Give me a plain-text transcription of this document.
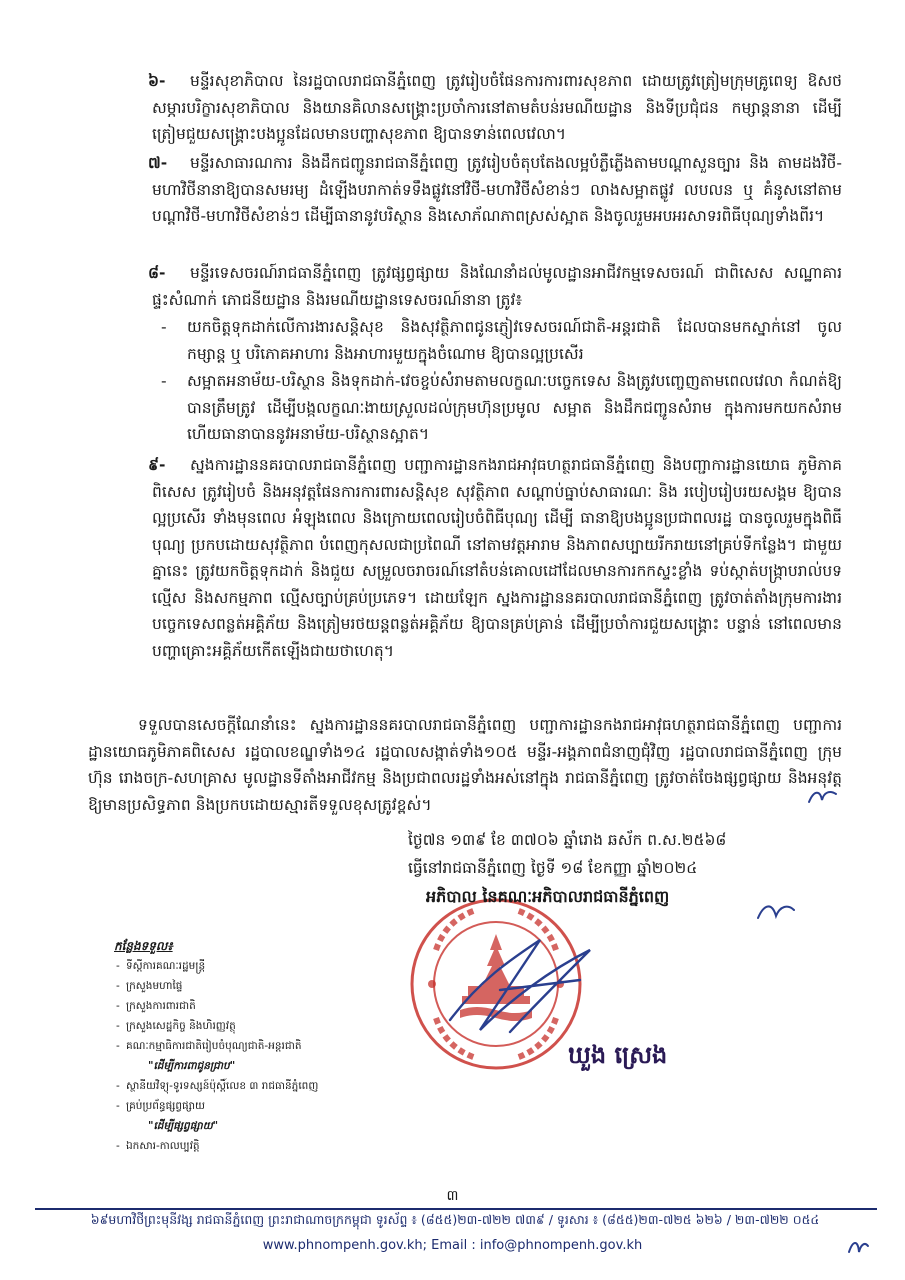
៦-	មន្ទីរសុខាភិបាល នៃរដ្ឋបាលរាជធានីភ្នំពេញ ត្រូវរៀបចំផែនការការពារសុខភាព ដោយត្រូវត្រៀមក្រុមគ្រូពេទ្យ ឱសថ សម្ភារបរិក្ខារសុខាភិបាល និងយានគិលានសង្គ្រោះប្រចាំការនៅតាមតំបន់រមណីយដ្ឋាន និងទីប្រជុំជន កម្សាន្តនានា ដើម្បីត្រៀមជួយសង្គ្រោះបងប្អូនដែលមានបញ្ហាសុខភាព ឱ្យបានទាន់ពេលវេលា។
៧-	មន្ទីរសាធារណការ និងដឹកជញ្ជូនរាជធានីភ្នំពេញ ត្រូវរៀបចំតុបតែងលម្អបំភ្លឺភ្លើងតាមបណ្តាសួនច្បារ និង តាមដងវិថី-មហាវិថីនានាឱ្យបានសមរម្យ ដំឡើងបរាកាត់ទទឹងផ្លូវនៅវិថី-មហាវិថីសំខាន់ៗ លាងសម្អាតផ្លូវ លបលន ឬ គំនូសនៅតាមបណ្តាវិថី-មហាវិថីសំខាន់ៗ ដើម្បីធានានូវបរិស្ថាន និងសោភ័ណភាពស្រស់ស្អាត និងចូលរួមអបអរសាទរពិធីបុណ្យទាំងពីរ។
៨-	មន្ទីរទេសចរណ៍រាជធានីភ្នំពេញ ត្រូវផ្សព្វផ្សាយ និងណែនាំដល់មូលដ្ឋានអាជីវកម្មទេសចរណ៍ ជាពិសេស សណ្ឋាគារ ផ្ទះសំណាក់ ភោជនីយដ្ឋាន និងរមណីយដ្ឋានទេសចរណ៍នានា ត្រូវ៖
-	យកចិត្តទុកដាក់លើការងារសន្តិសុខ និងសុវត្ថិភាពជូនភ្ញៀវទេសចរណ៍ជាតិ-អន្តរជាតិ ដែលបានមកស្នាក់នៅ ចូលកម្សាន្ត ឬ បរិភោគអាហារ និងអាហារមួយក្នុងចំណោម ឱ្យបានល្អប្រសើរ
-	សម្អាតអនាម័យ-បរិស្ថាន និងទុកដាក់-វេចខ្ចប់សំរាមតាមលក្ខណៈបច្ចេកទេស និងត្រូវបញ្ចេញតាមពេលវេលា កំណត់ឱ្យបានត្រឹមត្រូវ ដើម្បីបង្កលក្ខណៈងាយស្រួលដល់ក្រុមហ៊ុនប្រមូល សម្អាត និងដឹកជញ្ជូនសំរាម ក្នុងការមកយកសំរាម ហើយធានាបាននូវអនាម័យ-បរិស្ថានស្អាត។
៩-	ស្នងការដ្ឋាននគរបាលរាជធានីភ្នំពេញ បញ្ជាការដ្ឋានកងរាជអាវុធហត្ថរាជធានីភ្នំពេញ និងបញ្ជាការដ្ឋានយោធ ភូមិភាគពិសេស ត្រូវរៀបចំ និងអនុវត្តផែនការការពារសន្តិសុខ សុវត្ថិភាព សណ្តាប់ធ្នាប់សាធារណៈ និង របៀបរៀបរយសង្គម ឱ្យបានល្អប្រសើរ ទាំងមុនពេល អំឡុងពេល និងក្រោយពេលរៀបចំពិធីបុណ្យ ដើម្បី ធានាឱ្យបងប្អូនប្រជាពលរដ្ឋ បានចូលរួមក្នុងពិធីបុណ្យ ប្រកបដោយសុវត្ថិភាព បំពេញកុសលជាប្រពៃណី នៅតាមវត្តអារាម និងភាពសប្បាយរីករាយនៅគ្រប់ទីកន្លែង។ ជាមួយគ្នានេះ ត្រូវយកចិត្តទុកដាក់ និងជួយ សម្រួលចរាចរណ៍នៅតំបន់គោលដៅដែលមានការកកស្ទះខ្លាំង ទប់ស្កាត់បង្ក្រាបរាល់បទល្មើស និងសកម្មភាព ល្មើសច្បាប់គ្រប់ប្រភេទ។ ដោយឡែក ស្នងការដ្ឋាននគរបាលរាជធានីភ្នំពេញ ត្រូវចាត់តាំងក្រុមការងារ បច្ចេកទេសពន្លត់អគ្គិភ័យ និងត្រៀមរថយន្តពន្លត់អគ្គិភ័យ ឱ្យបានគ្រប់គ្រាន់ ដើម្បីប្រចាំការជួយសង្គ្រោះ បន្ទាន់ នៅពេលមានបញ្ហាគ្រោះអគ្គិភ័យកើតឡើងជាយថាហេតុ។
ទទួលបានសេចក្តីណែនាំនេះ ស្នងការដ្ឋាននគរបាលរាជធានីភ្នំពេញ បញ្ជាការដ្ឋានកងរាជអាវុធហត្ថរាជធានីភ្នំពេញ បញ្ជាការដ្ឋានយោធភូមិភាគពិសេស រដ្ឋបាលខណ្ឌទាំង១៤ រដ្ឋបាលសង្កាត់ទាំង១០៥ មន្ទីរ-អង្គភាពជំនាញជុំវិញ រដ្ឋបាលរាជធានីភ្នំពេញ ក្រុមហ៊ុន រោងចក្រ-សហគ្រាស មូលដ្ឋានទីតាំងអាជីវកម្ម និងប្រជាពលរដ្ឋទាំងអស់នៅក្នុង រាជធានីភ្នំពេញ ត្រូវចាត់ចែងផ្សព្វផ្សាយ និងអនុវត្តឱ្យមានប្រសិទ្ធភាព និងប្រកបដោយស្មារតីទទួលខុសត្រូវខ្ពស់។
ថ្ងៃ៧ន ១៣៩ ខែ ៣៧០៦ ឆ្នាំរោង ឆស័ក ព.ស.២៥៦៨
ធ្វើនៅរាជធានីភ្នំពេញ ថ្ងៃទី ១៨ ខែកញ្ញា ឆ្នាំ២០២៤
អភិបាល នៃគណៈអភិបាលរាជធានីភ្នំពេញ
ឃួង ស្រេង
កន្លែងទទួល៖
- ទីស្តីការគណៈរដ្ឋមន្ត្រី
- ក្រសួងមហាផ្ទៃ
- ក្រសួងការពារជាតិ
- ក្រសួងសេដ្ឋកិច្ច និងហិរញ្ញវត្ថុ
- គណៈកម្មាធិការជាតិរៀបចំបុណ្យជាតិ-អន្តរជាតិ
"ដើម្បីការពាជូនជ្រាប"
- ស្ថានីយវិទ្យុ-ទូរទស្សន៍ប៉ុស្តិ៍លេខ ៣ រាជធានីភ្នំពេញ
- គ្រប់ប្រព័ន្ធផ្សព្វផ្សាយ
"ដើម្បីផ្សព្វផ្សាយ"
- ឯកសារ-កាលប្បវត្តិ
៣
៦៩មហាវិថីព្រះមុនីវង្ស រាជធានីភ្នំពេញ ព្រះរាជាណាចក្រកម្ពុជា ទូរស័ព្ទ ៖ (៨៥៥)២៣-៧២២ ៧៣៩ / ទូរសារ ៖ (៨៥៥)២៣-៧២៥ ៦២៦ / ២៣-៧២២ ០៥៤
www.phnompenh.gov.kh; Email : info@phnompenh.gov.kh
